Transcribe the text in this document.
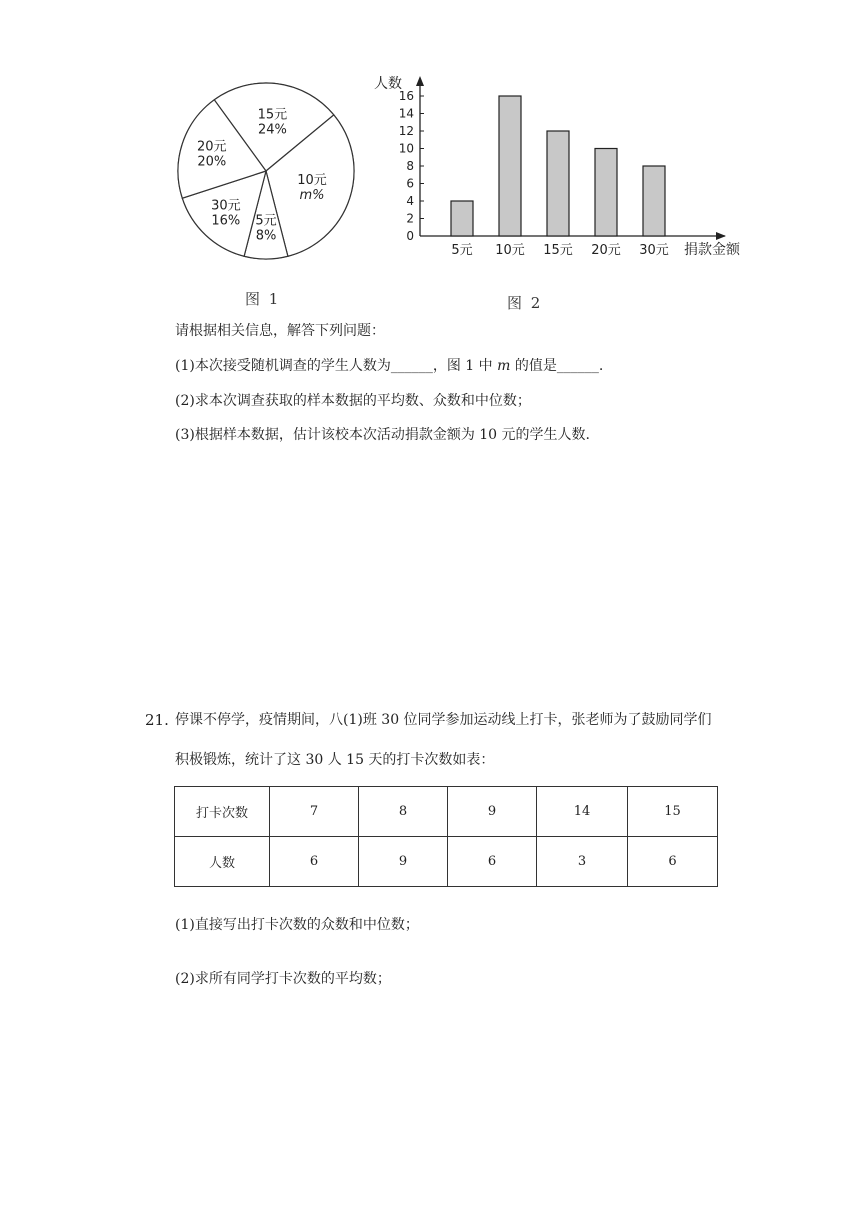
15元
24%
10元
m%
5元
8%
30元
16%
20元
20%
图 1
人数
0
2
4
6
8
10
12
14
16
5元 10元 15元 20元 30元 捐款金额
图 2
请根据相关信息，解答下列问题：
(1)本次接受随机调查的学生人数为______，图 1 中 m 的值是______.
(2)求本次调查获取的样本数据的平均数、众数和中位数；
(3)根据样本数据，估计该校本次活动捐款金额为 10 元的学生人数.
21. 停课不停学，疫情期间，八(1)班 30 位同学参加运动线上打卡，张老师为了鼓励同学们积极锻炼，统计了这 30 人 15 天的打卡次数如表：
打卡次数	7	8	9	14	15
人数	6	9	6	3	6
(1)直接写出打卡次数的众数和中位数；
(2)求所有同学打卡次数的平均数；
